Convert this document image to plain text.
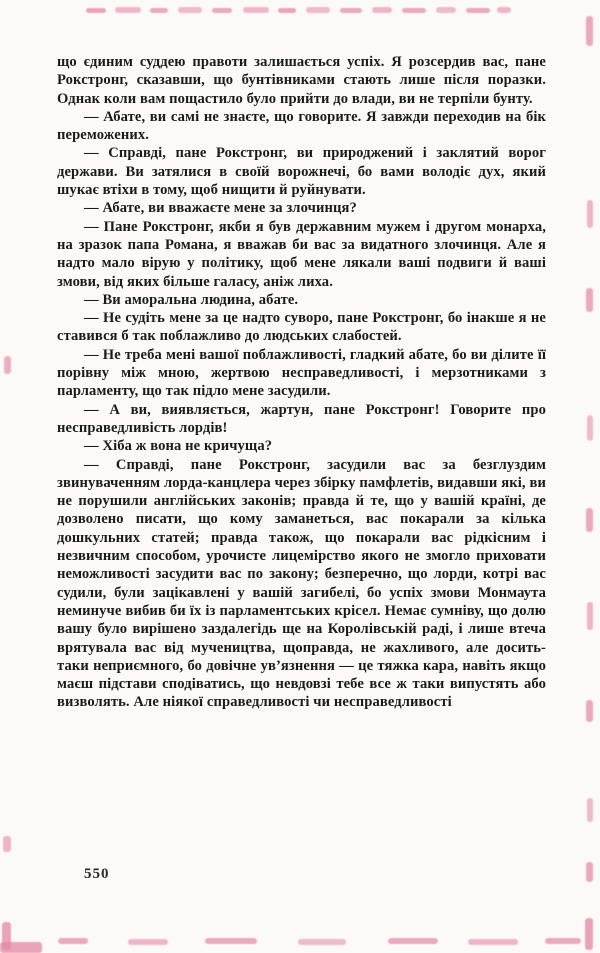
що єдиним суддею правоти залишається успіх. Я розсердив вас, пане Рокстронг, сказавши, що бунтівниками стають лише після поразки. Однак коли вам пощастило було прийти до влади, ви не терпіли бунту.

— Абате, ви самі не знаєте, що говорите. Я завжди переходив на бік переможених.

— Справді, пане Рокстронг, ви природжений і заклятий ворог держави. Ви затялися в своїй ворожнечі, бо вами володіє дух, який шукає втіхи в тому, щоб нищити й руйнувати.

— Абате, ви вважаєте мене за злочинця?

— Пане Рокстронг, якби я був державним мужем і другом монарха, на зразок папа Романа, я вважав би вас за видатного злочинця. Але я надто мало вірую у політику, щоб мене лякали ваші подвиги й ваші змови, від яких більше галасу, аніж лиха.

— Ви аморальна людина, абате.

— Не судіть мене за це надто суворо, пане Рокстронг, бо інакше я не ставився б так поблажливо до людських слабостей.

— Не треба мені вашої поблажливості, гладкий абате, бо ви ділите її порівну між мною, жертвою несправедливості, і мерзотниками з парламенту, що так підло мене засудили.

— А ви, виявляється, жартун, пане Рокстронг! Говорите про несправедливість лордів!

— Хіба ж вона не кричуща?

— Справді, пане Рокстронг, засудили вас за безглуздим звинуваченням лорда-канцлера через збірку памфлетів, видавши які, ви не порушили англійських законів; правда й те, що у вашій країні, де дозволено писати, що кому заманеться, вас покарали за кілька дошкульних статей; правда також, що покарали вас рідкісним і незвичним способом, урочисте лицемірство якого не змогло приховати неможливості засудити вас по закону; безперечно, що лорди, котрі вас судили, були зацікавлені у вашій загибелі, бо успіх змови Монмаута неминуче вибив би їх із парламентських крісел. Немає сумніву, що долю вашу було вирішено заздалегідь ще на Королівській раді, і лише втеча врятувала вас від мучеництва, щоправда, не жахливого, але досить-таки неприємного, бо довічне ув’язнення — це тяжка кара, навіть якщо маєш підстави сподіватись, що невдовзі тебе все ж таки випустять або визволять. Але ніякої справедливості чи несправедливості

550
